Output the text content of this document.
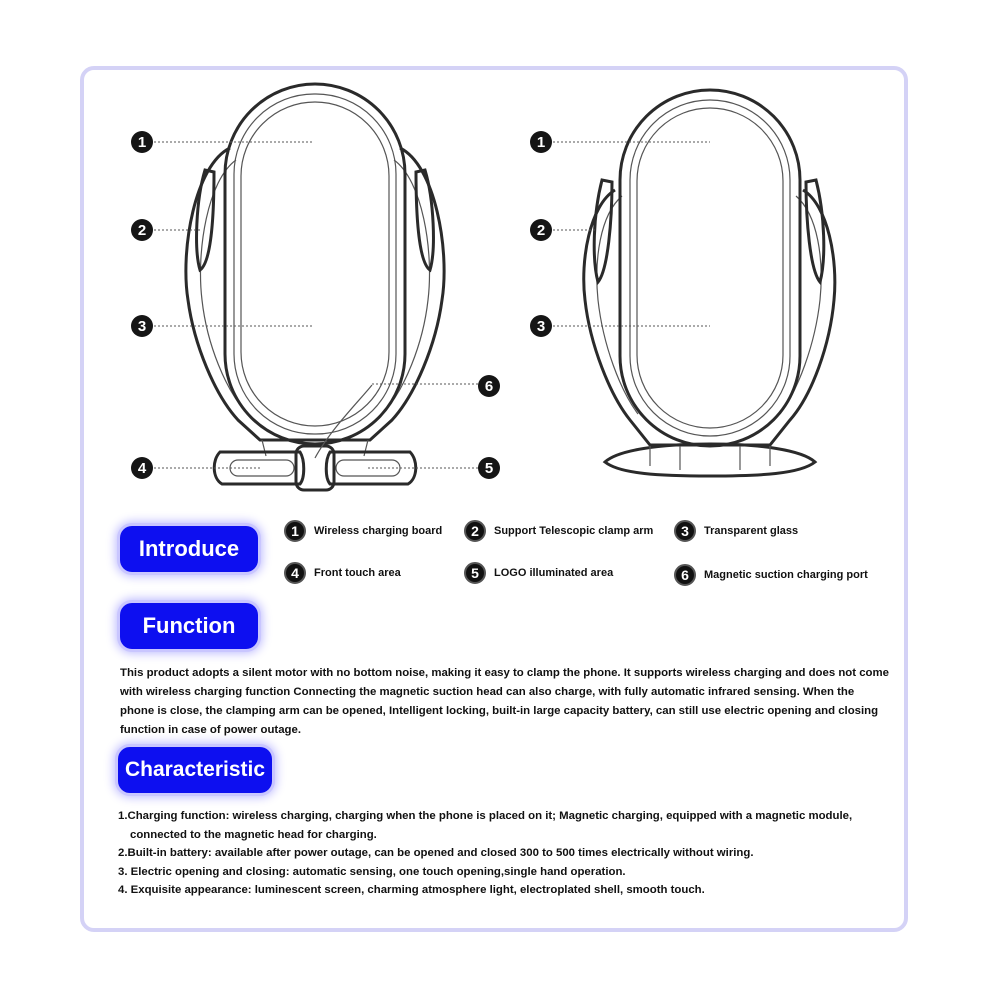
1
2
3
4	5
6
1
2
3
Introduce
Function
Characteristic
1	Wireless charging board	2	Support Telescopic clamp arm	3	Transparent glass
4	Front touch area	5	LOGO illuminated area	6	Magnetic suction charging port

This product adopts a silent motor with no bottom noise, making it easy to clamp the phone. It supports wireless charging and does not come with wireless charging function Connecting the magnetic suction head can also charge, with fully automatic infrared sensing. When the phone is close, the clamping arm can be opened, Intelligent locking, built-in large capacity battery, can still use electric opening and closing function in case of power outage.

1.Charging function: wireless charging, charging when the phone is placed on it; Magnetic charging, equipped with a magnetic module, connected to the magnetic head for charging.
2.Built-in battery: available after power outage, can be opened and closed 300 to 500 times electrically without wiring.
3. Electric opening and closing: automatic sensing, one touch opening,single hand operation.
4. Exquisite appearance: luminescent screen, charming atmosphere light, electroplated shell, smooth touch.
